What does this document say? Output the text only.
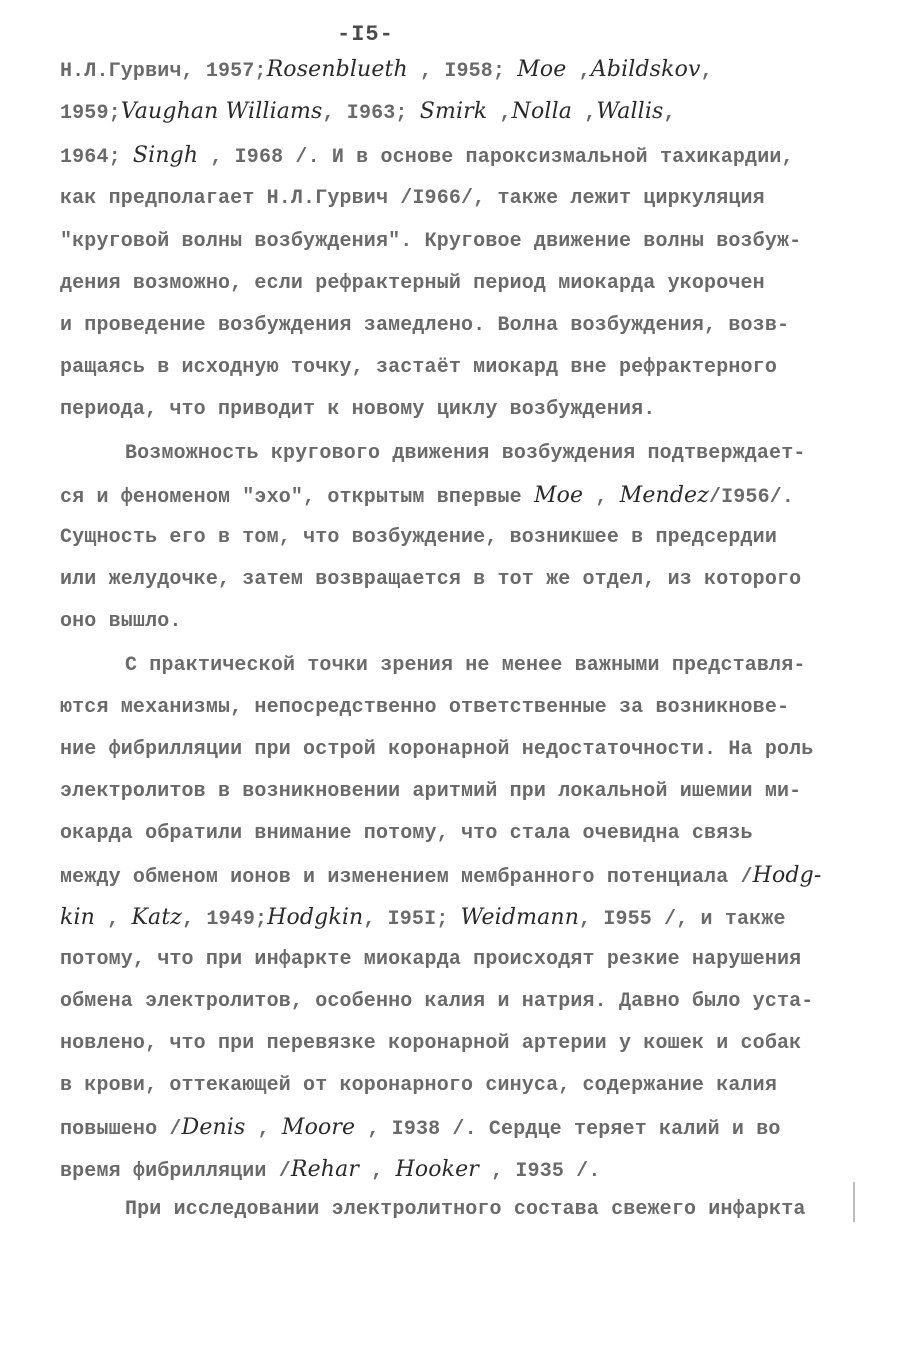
-I5-
Н.Л.Гурвич, 1957;Rosenblueth , I958; Moe ,Abildskov,
1959;Vaughan Williams, I963; Smirk ,Nolla ,Wallis,
1964; Singh , I968 /. И в основе пароксизмальной тахикардии,
как предполагает Н.Л.Гурвич /I966/, также лежит циркуляция
"круговой волны возбуждения". Круговое движение волны возбуж-
дения возможно, если рефрактерный период миокарда укорочен
и проведение возбуждения замедлено. Волна возбуждения, возв-
ращаясь в исходную точку, застаёт миокард вне рефрактерного
периода, что приводит к новому циклу возбуждения.
Возможность кругового движения возбуждения подтверждает-
ся и феноменом "эхо", открытым впервые Moe , Mendez/I956/.
Сущность его в том, что возбуждение, возникшее в предсердии
или желудочке, затем возвращается в тот же отдел, из которого
оно вышло.
С практической точки зрения не менее важными представля-
ются механизмы, непосредственно ответственные за возникнове-
ние фибрилляции при острой коронарной недостаточности. На роль
электролитов в возникновении аритмий при локальной ишемии ми-
окарда обратили внимание потому, что стала очевидна связь
между обменом ионов и изменением мембранного потенциала /Hodg-
kin , Katz, 1949;Hodgkin, I95I; Weidmann, I955 /, и также
потому, что при инфаркте миокарда происходят резкие нарушения
обмена электролитов, особенно калия и натрия. Давно было уста-
новлено, что при перевязке коронарной артерии у кошек и собак
в крови, оттекающей от коронарного синуса, содержание калия
повышено /Denis , Moore , I938 /. Сердце теряет калий и во
время фибрилляции /Rehar , Hooker , I935 /.
При исследовании электролитного состава свежего инфаркта
